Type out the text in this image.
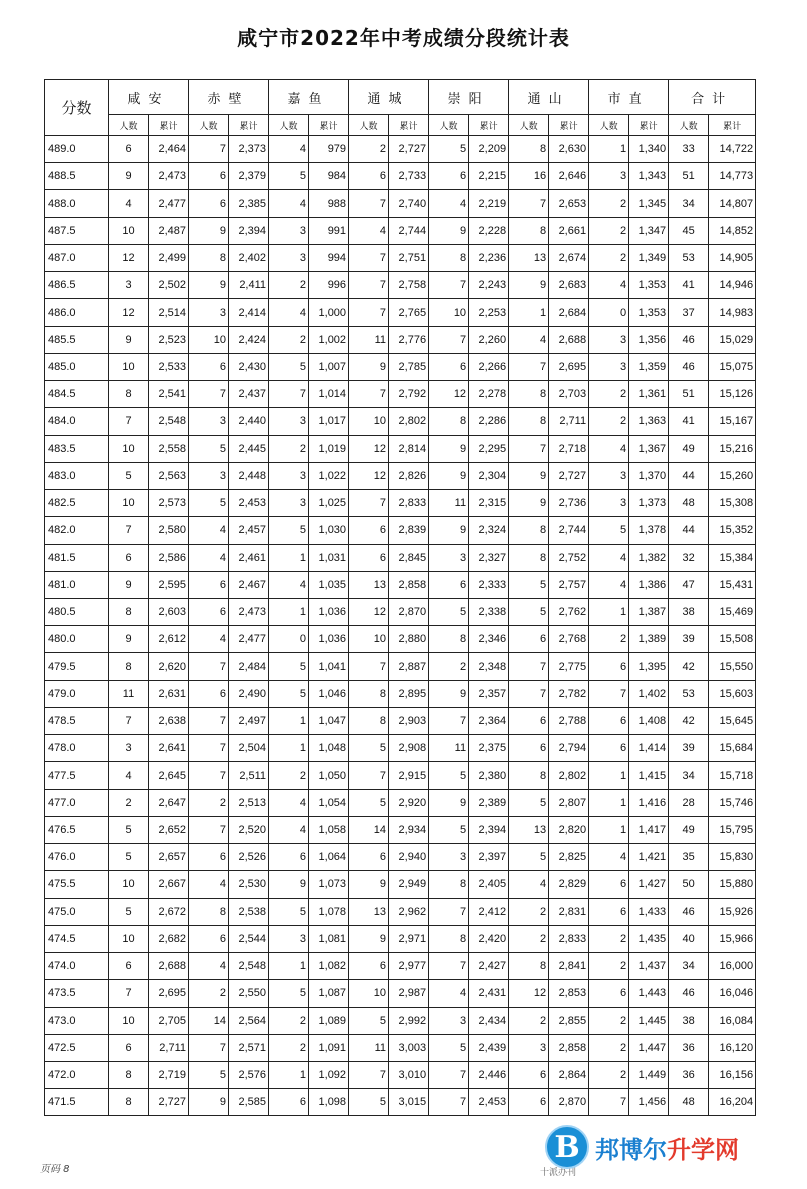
咸宁市2022年中考成绩分段统计表
分数	咸安		赤壁		嘉鱼		通城		崇阳		通山		市直		合计	
	人数	累计	人数	累计	人数	累计	人数	累计	人数	累计	人数	累计	人数	累计	人数	累计
489.0	6	2,464	7	2,373	4	979	2	2,727	5	2,209	8	2,630	1	1,340	33	14,722
488.5	9	2,473	6	2,379	5	984	6	2,733	6	2,215	16	2,646	3	1,343	51	14,773
488.0	4	2,477	6	2,385	4	988	7	2,740	4	2,219	7	2,653	2	1,345	34	14,807
487.5	10	2,487	9	2,394	3	991	4	2,744	9	2,228	8	2,661	2	1,347	45	14,852
487.0	12	2,499	8	2,402	3	994	7	2,751	8	2,236	13	2,674	2	1,349	53	14,905
486.5	3	2,502	9	2,411	2	996	7	2,758	7	2,243	9	2,683	4	1,353	41	14,946
486.0	12	2,514	3	2,414	4	1,000	7	2,765	10	2,253	1	2,684	0	1,353	37	14,983
485.5	9	2,523	10	2,424	2	1,002	11	2,776	7	2,260	4	2,688	3	1,356	46	15,029
485.0	10	2,533	6	2,430	5	1,007	9	2,785	6	2,266	7	2,695	3	1,359	46	15,075
484.5	8	2,541	7	2,437	7	1,014	7	2,792	12	2,278	8	2,703	2	1,361	51	15,126
484.0	7	2,548	3	2,440	3	1,017	10	2,802	8	2,286	8	2,711	2	1,363	41	15,167
483.5	10	2,558	5	2,445	2	1,019	12	2,814	9	2,295	7	2,718	4	1,367	49	15,216
483.0	5	2,563	3	2,448	3	1,022	12	2,826	9	2,304	9	2,727	3	1,370	44	15,260
482.5	10	2,573	5	2,453	3	1,025	7	2,833	11	2,315	9	2,736	3	1,373	48	15,308
482.0	7	2,580	4	2,457	5	1,030	6	2,839	9	2,324	8	2,744	5	1,378	44	15,352
481.5	6	2,586	4	2,461	1	1,031	6	2,845	3	2,327	8	2,752	4	1,382	32	15,384
481.0	9	2,595	6	2,467	4	1,035	13	2,858	6	2,333	5	2,757	4	1,386	47	15,431
480.5	8	2,603	6	2,473	1	1,036	12	2,870	5	2,338	5	2,762	1	1,387	38	15,469
480.0	9	2,612	4	2,477	0	1,036	10	2,880	8	2,346	6	2,768	2	1,389	39	15,508
479.5	8	2,620	7	2,484	5	1,041	7	2,887	2	2,348	7	2,775	6	1,395	42	15,550
479.0	11	2,631	6	2,490	5	1,046	8	2,895	9	2,357	7	2,782	7	1,402	53	15,603
478.5	7	2,638	7	2,497	1	1,047	8	2,903	7	2,364	6	2,788	6	1,408	42	15,645
478.0	3	2,641	7	2,504	1	1,048	5	2,908	11	2,375	6	2,794	6	1,414	39	15,684
477.5	4	2,645	7	2,511	2	1,050	7	2,915	5	2,380	8	2,802	1	1,415	34	15,718
477.0	2	2,647	2	2,513	4	1,054	5	2,920	9	2,389	5	2,807	1	1,416	28	15,746
476.5	5	2,652	7	2,520	4	1,058	14	2,934	5	2,394	13	2,820	1	1,417	49	15,795
476.0	5	2,657	6	2,526	6	1,064	6	2,940	3	2,397	5	2,825	4	1,421	35	15,830
475.5	10	2,667	4	2,530	9	1,073	9	2,949	8	2,405	4	2,829	6	1,427	50	15,880
475.0	5	2,672	8	2,538	5	1,078	13	2,962	7	2,412	2	2,831	6	1,433	46	15,926
474.5	10	2,682	6	2,544	3	1,081	9	2,971	8	2,420	2	2,833	2	1,435	40	15,966
474.0	6	2,688	4	2,548	1	1,082	6	2,977	7	2,427	8	2,841	2	1,437	34	16,000
473.5	7	2,695	2	2,550	5	1,087	10	2,987	4	2,431	12	2,853	6	1,443	46	16,046
473.0	10	2,705	14	2,564	2	1,089	5	2,992	3	2,434	2	2,855	2	1,445	38	16,084
472.5	6	2,711	7	2,571	2	1,091	11	3,003	5	2,439	3	2,858	2	1,447	36	16,120
472.0	8	2,719	5	2,576	1	1,092	7	3,010	7	2,446	6	2,864	2	1,449	36	16,156
471.5	8	2,727	9	2,585	6	1,098	5	3,015	7	2,453	6	2,870	7	1,456	48	16,204
页码 8	十派办刊
B 邦博尔升学网
